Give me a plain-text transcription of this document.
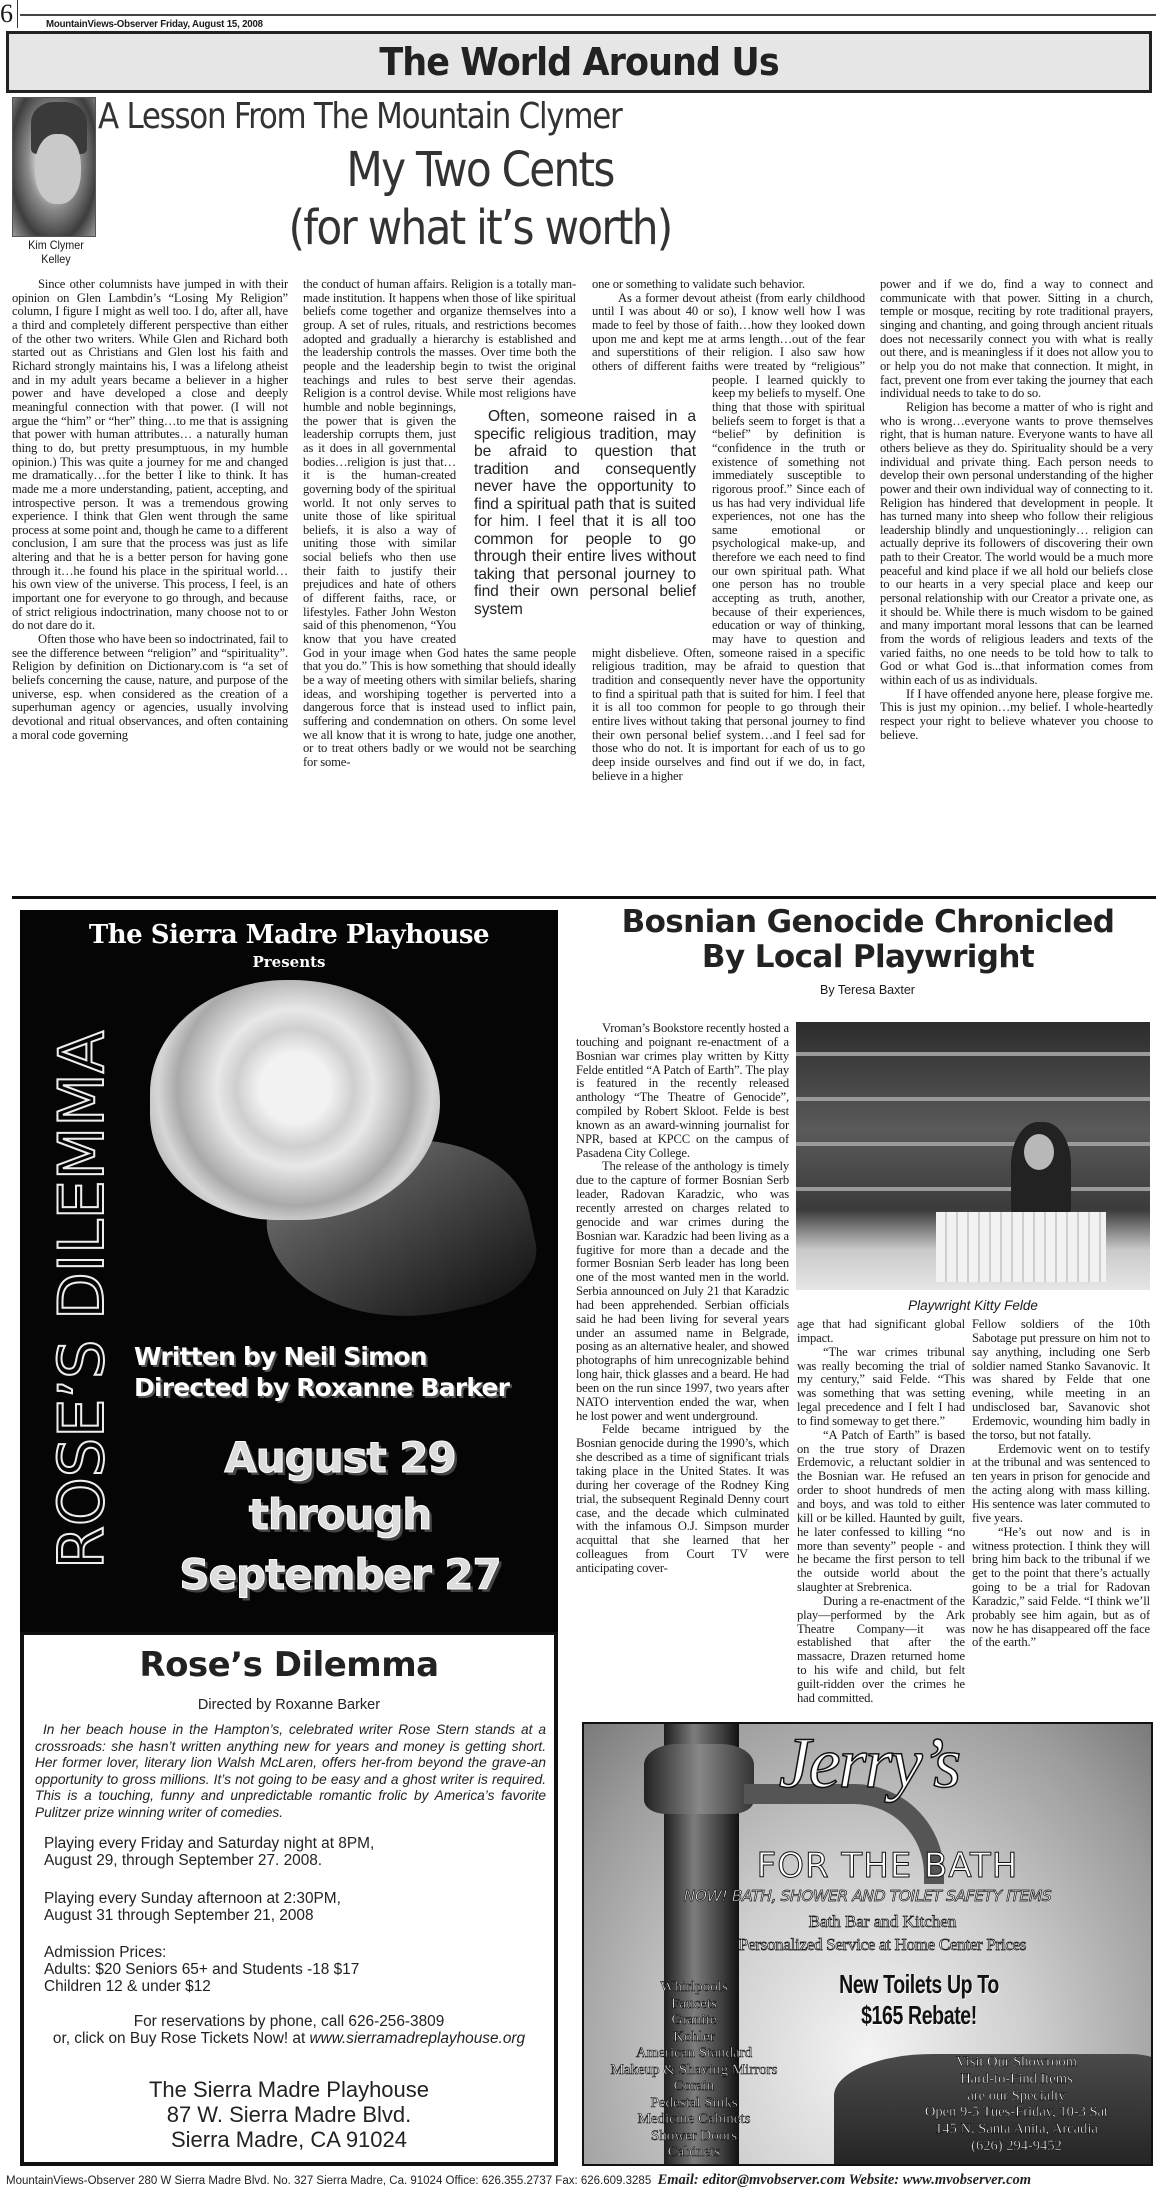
6	MountainViews-Observer Friday, August 15, 2008
The World Around Us
Kim Clymer Kelley
A Lesson From The Mountain Clymer
My Two Cents
(for what it’s worth)

Since other columnists have jumped in with their opinion on Glen Lambdin’s “Losing My Religion” column, I figure I might as well too. I do, after all, have a third and completely different perspective than either of the other two writers. While Glen and Richard both started out as Christians and Glen lost his faith and Richard strongly maintains his, I was a lifelong atheist and in my adult years became a believer in a higher power and have developed a close and deeply meaningful connection with that power. (I will not argue the “him” or “her” thing…to me that is assigning that power with human attributes… a naturally human thing to do, but pretty presumptuous, in my humble opinion.) This was quite a journey for me and changed me dramatically…for the better I like to think. It has made me a more understanding, patient, accepting, and introspective person. It was a tremendous growing experience. I think that Glen went through the same process at some point and, though he came to a different conclusion, I am sure that the process was just as life altering and that he is a better person for having gone through it…he found his place in the spiritual world…his own view of the universe. This process, I feel, is an important one for everyone to go through, and because of strict religious indoctrination, many choose not to or do not dare do it.

Often those who have been so indoctrinated, fail to see the difference between “religion” and “spirituality”. Religion by definition on Dictionary.com is “a set of beliefs concerning the cause, nature, and purpose of the universe, esp. when considered as the creation of a superhuman agency or agencies, usually involving devotional and ritual observances, and often containing a moral code governing

the conduct of human affairs. Religion is a totally man-made institution. It happens when those of like spiritual beliefs come together and organize themselves into a group. A set of rules, rituals, and restrictions becomes adopted and gradually a hierarchy is established and the leadership controls the masses. Over time both the people and the leadership begin to twist the original teachings and rules to best serve their agendas. Religion is a control devise. While most religions have humble and noble beginnings, the power that is given the leadership corrupts them, just as it does in all governmental bodies…religion is just that…it is the human-created governing body of the spiritual world. It not only serves to unite those of like spiritual beliefs, it is also a way of uniting those with similar social beliefs who then use their faith to justify their prejudices and hate of others of different faiths, race, or lifestyles. Father John Weston said of this phenomenon, “You know that you have created God in your image when God hates the same people that you do.” This is how something that should ideally be a way of meeting others with similar beliefs, sharing ideas, and worshiping together is perverted into a dangerous force that is instead used to inflict pain, suffering and condemnation on others. On some level we all know that it is wrong to hate, judge one another, or to treat others badly or we would not be searching for some-

one or something to validate such behavior.

As a former devout atheist (from early childhood until I was about 40 or so), I know well how I was made to feel by those of faith…how they looked down upon me and kept me at arms length…out of the fear and superstitions of their religion. I also saw how others of different faiths were treated by “religious” people. I learned quickly to keep my beliefs to myself. One thing that those with spiritual beliefs seem to forget is that a “belief” by definition is “confidence in the truth or existence of something not immediately susceptible to rigorous proof.” Since each of us has had very individual life experiences, not one has the same emotional or psychological make-up, and therefore we each need to find our own spiritual path. What one person has no trouble accepting as truth, another, because of their experiences, education or way of thinking, may have to question and might disbelieve. Often, someone raised in a specific religious tradition, may be afraid to question that tradition and consequently never have the opportunity to find a spiritual path that is suited for him. I feel that it is all too common for people to go through their entire lives without taking that personal journey to find their own personal belief system…and I feel sad for those who do not. It is important for each of us to go deep inside ourselves and find out if we do, in fact, believe in a higher

power and if we do, find a way to connect and communicate with that power. Sitting in a church, temple or mosque, reciting by rote traditional prayers, singing and chanting, and going through ancient rituals does not necessarily connect you with what is really out there, and is meaningless if it does not allow you to or help you do not make that connection. It might, in fact, prevent one from ever taking the journey that each individual needs to take to do so.

Religion has become a matter of who is right and who is wrong…everyone wants to prove themselves right, that is human nature. Everyone wants to have all others believe as they do. Spirituality should be a very individual and private thing. Each person needs to develop their own personal understanding of the higher power and their own individual way of connecting to it. Religion has hindered that development in people. It has turned many into sheep who follow their religious leadership blindly and unquestioningly… religion can actually deprive its followers of discovering their own path to their Creator. The world would be a much more peaceful and kind place if we all hold our beliefs close to our hearts in a very special place and keep our personal relationship with our Creator a private one, as it should be. While there is much wisdom to be gained and many important moral lessons that can be learned from the words of religious leaders and texts of the varied faiths, no one needs to be told how to talk to God or what God is...that information comes from within each of us as individuals.

If I have offended anyone here, please forgive me. This is just my opinion…my belief. I whole-heartedly respect your right to believe whatever you choose to believe.

Often, someone raised in a specific religious tradition, may be afraid to question that tradition and consequently never have the opportunity to find a spiritual path that is suited for him. I feel that it is all too common for people to go through their entire lives without taking that personal journey to find their own personal belief system
The Sierra Madre Playhouse
Presents
ROSE’S DILEMMA Written by Neil Simon
Directed by Roxanne Barker
August 29
through
September 27
Rose’s Dilemma
Directed by Roxanne Barker
In her beach house in the Hampton’s, celebrated writer Rose Stern stands at a crossroads: she hasn’t written anything new for years and money is getting short. Her former lover, literary lion Walsh McLaren, offers her-from beyond the grave-an opportunity to gross millions. It’s not going to be easy and a ghost writer is required. This is a touching, funny and unpredictable romantic frolic by America’s favorite Pulitzer prize winning writer of comedies.
Playing every Friday and Saturday night at 8PM,
August 29, through September 27. 2008.
Playing every Sunday afternoon at 2:30PM,
August 31 through September 21, 2008
Admission Prices:
Adults: $20 Seniors 65+ and Students -18 $17
Children 12 & under $12
For reservations by phone, call 626-256-3809
or, click on Buy Rose Tickets Now! at www.sierramadreplayhouse.org
The Sierra Madre Playhouse
87 W. Sierra Madre Blvd.
Sierra Madre, CA 91024
Bosnian Genocide Chronicled
By Local Playwright
By Teresa Baxter

Vroman’s Bookstore recently hosted a touching and poignant re-enactment of a Bosnian war crimes play written by Kitty Felde entitled “A Patch of Earth”. The play is featured in the recently released anthology “The Theatre of Genocide”, compiled by Robert Skloot. Felde is best known as an award-winning journalist for NPR, based at KPCC on the campus of Pasadena City College.

The release of the anthology is timely due to the capture of former Bosnian Serb leader, Radovan Karadzic, who was recently arrested on charges related to genocide and war crimes during the Bosnian war. Karadzic had been living as a fugitive for more than a decade and the former Bosnian Serb leader has long been one of the most wanted men in the world. Serbia announced on July 21 that Karadzic had been apprehended. Serbian officials said he had been living for several years under an assumed name in Belgrade, posing as an alternative healer, and showed photographs of him unrecognizable behind long hair, thick glasses and a beard. He had been on the run since 1997, two years after NATO intervention ended the war, when he lost power and went underground.

Felde became intrigued by the Bosnian genocide during the 1990’s, which she described as a time of significant trials taking place in the United States. It was during her coverage of the Rodney King trial, the subsequent Reginald Denny court case, and the decade which culminated with the infamous O.J. Simpson murder acquittal that she learned that her colleagues from Court TV were anticipating cover-

Playwright Kitty Felde

age that had significant global impact.

“The war crimes tribunal was really becoming the trial of my century,” said Felde. “This was something that was setting legal precedence and I felt I had to find someway to get there.”

“A Patch of Earth” is based on the true story of Drazen Erdemovic, a reluctant soldier in the Bosnian war. He refused an order to shoot hundreds of men and boys, and was told to either kill or be killed. Haunted by guilt, he later confessed to killing “no more than seventy” people - and he became the first person to tell the outside world about the slaughter at Srebrenica.

During a re-enactment of the play—performed by the Ark Theatre Company—it was established that after the massacre, Drazen returned home to his wife and child, but felt guilt-ridden over the crimes he had committed.

Fellow soldiers of the 10th Sabotage put pressure on him not to say anything, including one Serb soldier named Stanko Savanovic. It was shared by Felde that one evening, while meeting in an undisclosed bar, Savanovic shot Erdemovic, wounding him badly in the torso, but not fatally.

Erdemovic went on to testify at the tribunal and was sentenced to ten years in prison for genocide and the acting along with mass killing. His sentence was later commuted to five years.

“He’s out now and is in witness protection. I think they will bring him back to the tribunal if we get to the point that there’s actually going to be a trial for Radovan Karadzic,” said Felde. “I think we’ll probably see him again, but as of now he has disappeared off the face of the earth.”

Jerry’s
FOR THE BATH
NOW! BATH, SHOWER AND TOILET SAFETY ITEMS
Bath Bar and Kitchen
Personalized Service at Home Center Prices
New Toilets Up To $165 Rebate!
Whirlpools
Faucets
Granite
Kohler
American Standard
Makeup & Shaving Mirrors
Corain
Pedestal Sinks
Medicine Cabinets
Shower Doors
Cabinets
Visit Our Showroom
Hard-to-Find Items
are our Specialty
Open 9-5 Tues-Friday, 10-3 Sat
145 N. Santa Anita, Arcadia
(626) 294-9452
MountainViews-Observer 280 W Sierra Madre Blvd. No. 327 Sierra Madre, Ca. 91024 Office: 626.355.2737 Fax: 626.609.3285 Email: editor@mvobserver.com Website: www.mvobserver.com
